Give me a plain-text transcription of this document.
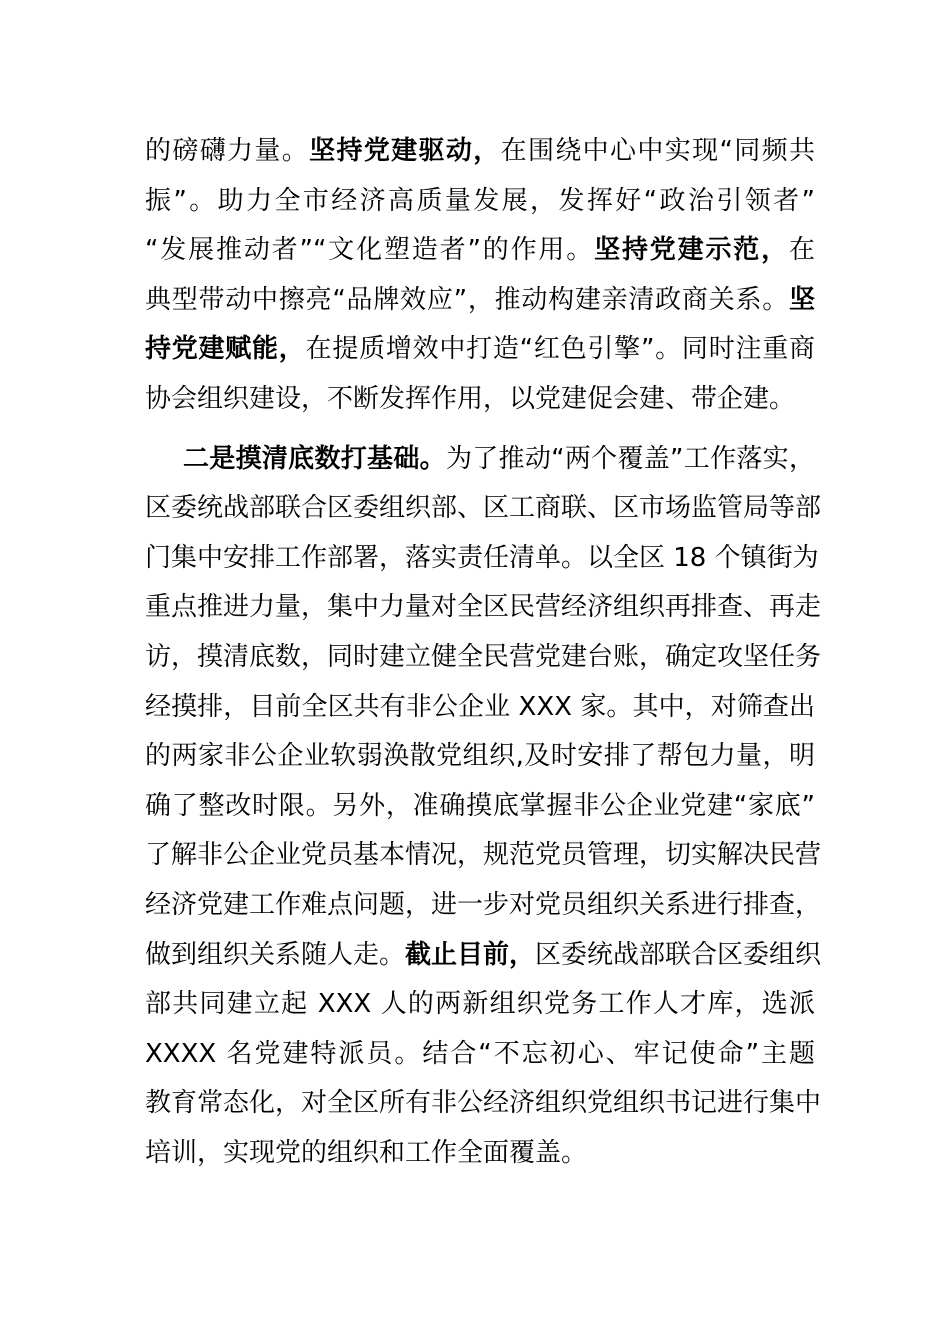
的磅礴力量。坚持党建驱动，在围绕中心中实现“同频共
振”。助力全市经济高质量发展，发挥好“政治引领者”
“发展推动者”“文化塑造者”的作用。坚持党建示范，在
典型带动中擦亮“品牌效应”，推动构建亲清政商关系。坚
持党建赋能，在提质增效中打造“红色引擎”。同时注重商
协会组织建设，不断发挥作用，以党建促会建、带企建。
二是摸清底数打基础。为了推动“两个覆盖”工作落实，
区委统战部联合区委组织部、区工商联、区市场监管局等部
门集中安排工作部署，落实责任清单。以全区 18 个镇街为
重点推进力量，集中力量对全区民营经济组织再排查、再走
访，摸清底数，同时建立健全民营党建台账，确定攻坚任务
经摸排，目前全区共有非公企业 XXX 家。其中，对筛查出
的两家非公企业软弱涣散党组织,及时安排了帮包力量，明
确了整改时限。另外，准确摸底掌握非公企业党建“家底”
了解非公企业党员基本情况，规范党员管理，切实解决民营
经济党建工作难点问题，进一步对党员组织关系进行排查，
做到组织关系随人走。截止目前，区委统战部联合区委组织
部共同建立起 XXX 人的两新组织党务工作人才库，选派
XXXX 名党建特派员。结合“不忘初心、牢记使命”主题
教育常态化，对全区所有非公经济组织党组织书记进行集中
培训，实现党的组织和工作全面覆盖。
